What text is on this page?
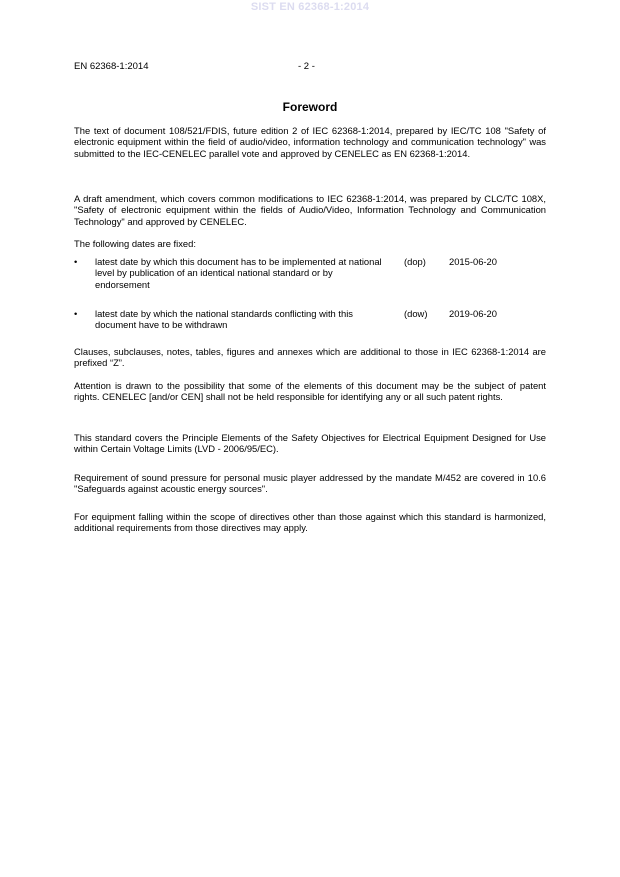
SIST EN 62368-1:2014
EN 62368-1:2014	- 2 -
Foreword

The text of document 108/521/FDIS, future edition 2 of IEC 62368-1:2014, prepared by IEC/TC 108 "Safety of electronic equipment within the field of audio/video, information technology and communication technology" was submitted to the IEC-CENELEC parallel vote and approved by CENELEC as EN 62368-1:2014.

A draft amendment, which covers common modifications to IEC 62368-1:2014, was prepared by CLC/TC 108X, "Safety of electronic equipment within the fields of Audio/Video, Information Technology and Communication Technology" and approved by CENELEC.

The following dates are fixed:

• latest date by which this document has to be implemented at national level by publication of an identical national standard or by endorsement
(dop) 2015-06-20
• latest date by which the national standards conflicting with this document have to be withdrawn
(dow) 2019-06-20

Clauses, subclauses, notes, tables, figures and annexes which are additional to those in IEC 62368-1:2014 are prefixed “Z”.

Attention is drawn to the possibility that some of the elements of this document may be the subject of patent rights. CENELEC [and/or CEN] shall not be held responsible for identifying any or all such patent rights.

This standard covers the Principle Elements of the Safety Objectives for Electrical Equipment Designed for Use within Certain Voltage Limits (LVD - 2006/95/EC).

Requirement of sound pressure for personal music player addressed by the mandate M/452 are covered in 10.6 "Safeguards against acoustic energy sources".

For equipment falling within the scope of directives other than those against which this standard is harmonized, additional requirements from those directives may apply.
